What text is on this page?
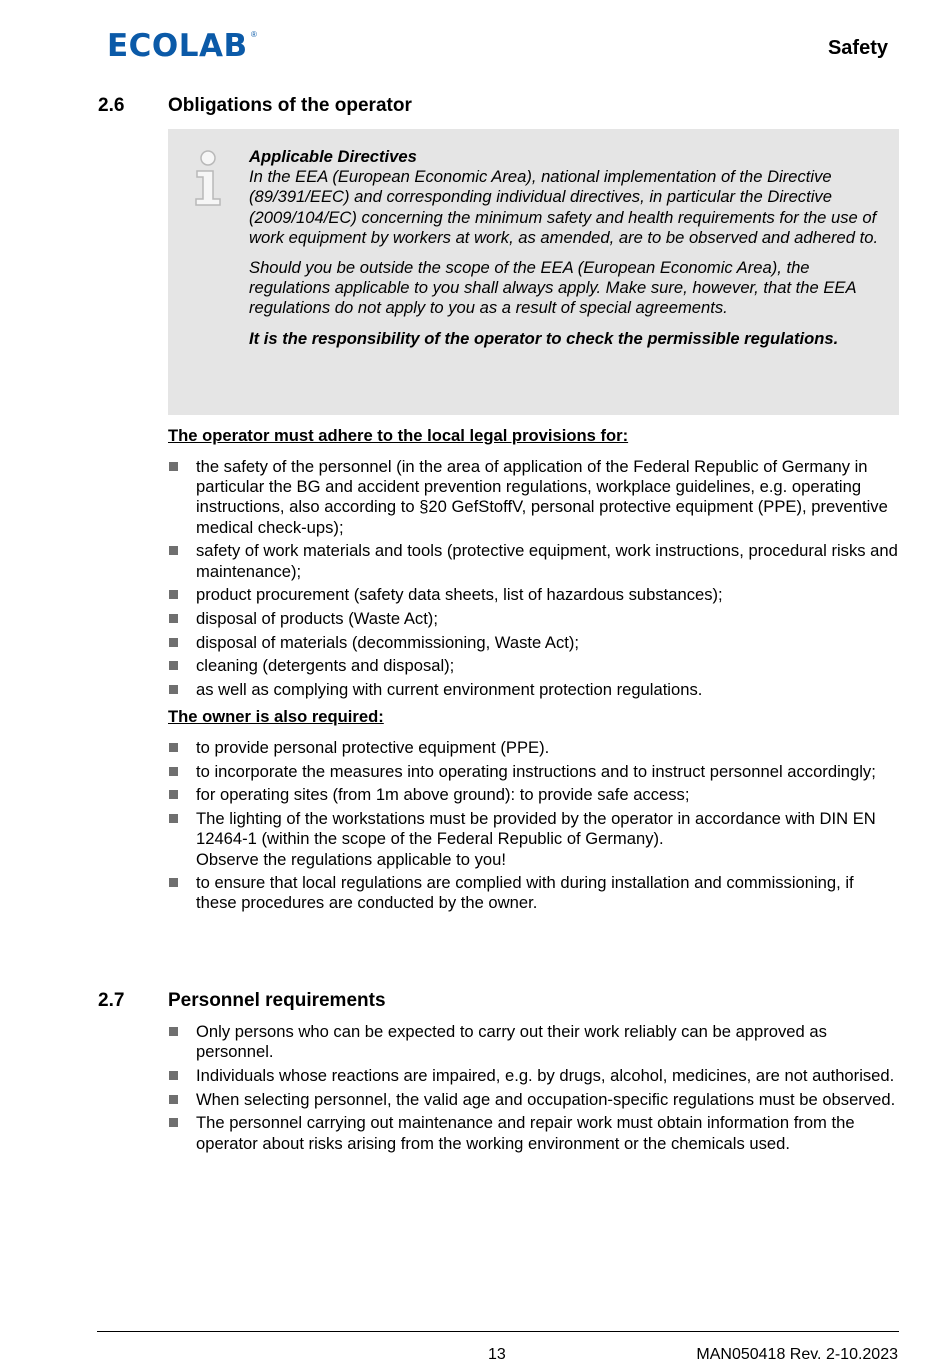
ECOLAB ®
Safety
2.6 Obligations of the operator

Applicable Directives

In the EEA (European Economic Area), national implementation of the Directive (89/391/EEC) and corresponding individual directives, in particular the Directive (2009/104/EC) concerning the minimum safety and health requirements for the use of work equipment by workers at work, as amended, are to be observed and adhered to.

Should you be outside the scope of the EEA (European Economic Area), the regulations applicable to you shall always apply. Make sure, however, that the EEA regulations do not apply to you as a result of special agreements.

It is the responsibility of the operator to check the permissible regulations.

The operator must adhere to the local legal provisions for:
the safety of the personnel (in the area of application of the Federal Republic of Germany in particular the BG and accident prevention regulations, workplace guidelines, e.g. operating instructions, also according to §20 GefStoffV, personal protective equipment (PPE), preventive medical check-ups);
safety of work materials and tools (protective equipment, work instructions, procedural risks and maintenance);
product procurement (safety data sheets, list of hazardous substances);
disposal of products (Waste Act);
disposal of materials (decommissioning, Waste Act);
cleaning (detergents and disposal);
as well as complying with current environment protection regulations.
The owner is also required:
to provide personal protective equipment (PPE).
to incorporate the measures into operating instructions and to instruct personnel accordingly;
for operating sites (from 1m above ground): to provide safe access;
The lighting of the workstations must be provided by the operator in accordance with DIN EN 12464-1 (within the scope of the Federal Republic of Germany).
Observe the regulations applicable to you!
to ensure that local regulations are complied with during installation and commissioning, if these procedures are conducted by the owner.
2.7 Personnel requirements
Only persons who can be expected to carry out their work reliably can be approved as personnel.
Individuals whose reactions are impaired, e.g. by drugs, alcohol, medicines, are not authorised.
When selecting personnel, the valid age and occupation-specific regulations must be observed.
The personnel carrying out maintenance and repair work must obtain information from the operator about risks arising from the working environment or the chemicals used.
13	MAN050418 Rev. 2-10.2023
